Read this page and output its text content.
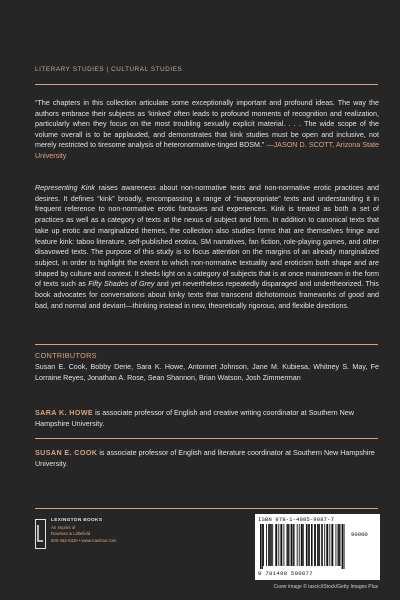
LITERARY STUDIES | CULTURAL STUDIES
“The chapters in this collection articulate some exceptionally important and profound ideas. The way the authors embrace their subjects as ‘kinked’ often leads to profound moments of recognition and realization, particularly when they focus on the most troubling sexually explicit material. . . . The wide scope of the volume overall is to be applauded, and demonstrates that kink studies must be open and inclusive, not merely restricted to tiresome analysis of heteronormative-tinged BDSM.” —JASON D. SCOTT, Arizona State University
Representing Kink raises awareness about non-normative texts and non-normative erotic practices and desires. It defines “kink” broadly, encompassing a range of “inappropriate” texts and understanding it in frequent reference to non-normative erotic fantasies and experiences. Kink is treated as both a set of practices as well as a category of texts at the nexus of subject and form. In addition to canonical texts that take up erotic and marginalized themes, the collection also studies forms that are themselves fringe and feature kink: taboo literature, self-published erotica, SM narratives, fan fiction, role-playing games, and other disavowed texts. The purpose of this study is to focus attention on the margins of an already marginalized subject, in order to highlight the extent to which non-normative textuality and eroticism both shape and are shaped by culture and context. It sheds light on a category of subjects that is at once mainstream in the form of texts such as Fifty Shades of Grey and yet nevertheless repeatedly disparaged and undertheorized. This book advocates for conversations about kinky texts that transcend dichotomous frameworks of good and bad, and normal and deviant—thinking instead in new, theoretically rigorous, and flexible directions.
CONTRIBUTORS
Susan E. Cook, Bobby Derie, Sara K. Howe, Antonnet Johnson, Jane M. Kubiesa, Whitney S. May, Fe Lorraine Reyes, Jonathan A. Rose, Sean Shannon, Brian Watson, Josh Zimmerman
SARA K. HOWE is associate professor of English and creative writing coordinator at Southern New Hampshire University.
SUSAN E. COOK is associate professor of English and literature coordinator at Southern New Hampshire University.
LEXINGTON BOOKS
An Imprint of
Rowman & Littlefield
800-462-6420 • www.rowman.com
ISBN 978-1-4985-9087-7
90000
9 781498 590877
Cover image © iascic/iStock/Getty Images Plus
